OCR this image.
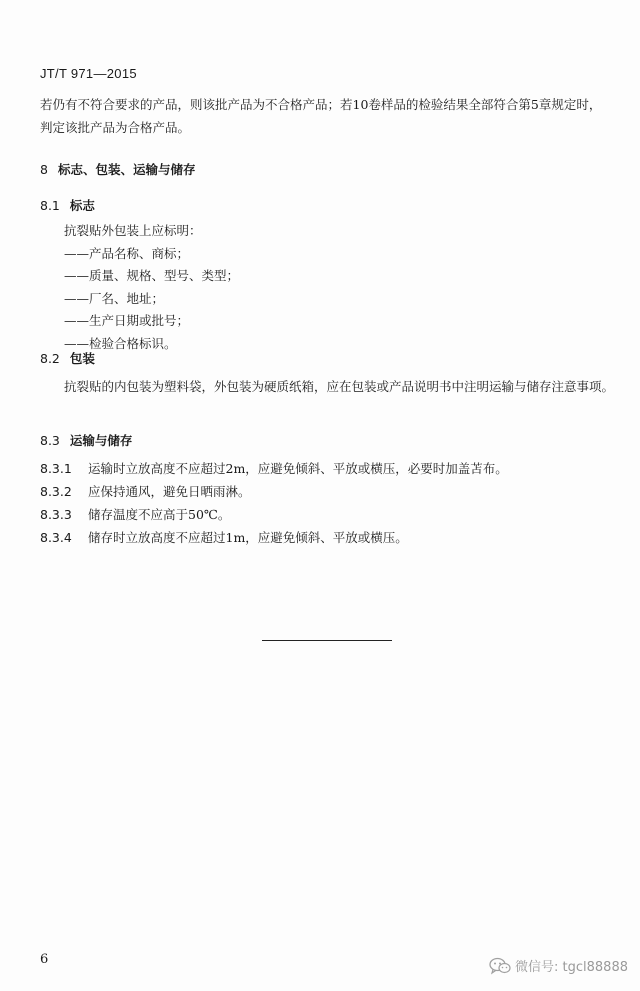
JT/T 971—2015
若仍有不符合要求的产品，则该批产品为不合格产品；若10卷样品的检验结果全部符合第5章规定时，判定该批产品为合格产品。
8 标志、包装、运输与储存
8.1 标志
抗裂贴外包装上应标明：
——产品名称、商标；
——质量、规格、型号、类型；
——厂名、地址；
——生产日期或批号；
——检验合格标识。
8.2 包装
抗裂贴的内包装为塑料袋，外包装为硬质纸箱，应在包装或产品说明书中注明运输与储存注意事项。
8.3 运输与储存
8.3.1 运输时立放高度不应超过2m，应避免倾斜、平放或横压，必要时加盖苫布。
8.3.2 应保持通风，避免日晒雨淋。
8.3.3 储存温度不应高于50℃。
8.3.4 储存时立放高度不应超过1m，应避免倾斜、平放或横压。
6
微信号: tgcl88888
